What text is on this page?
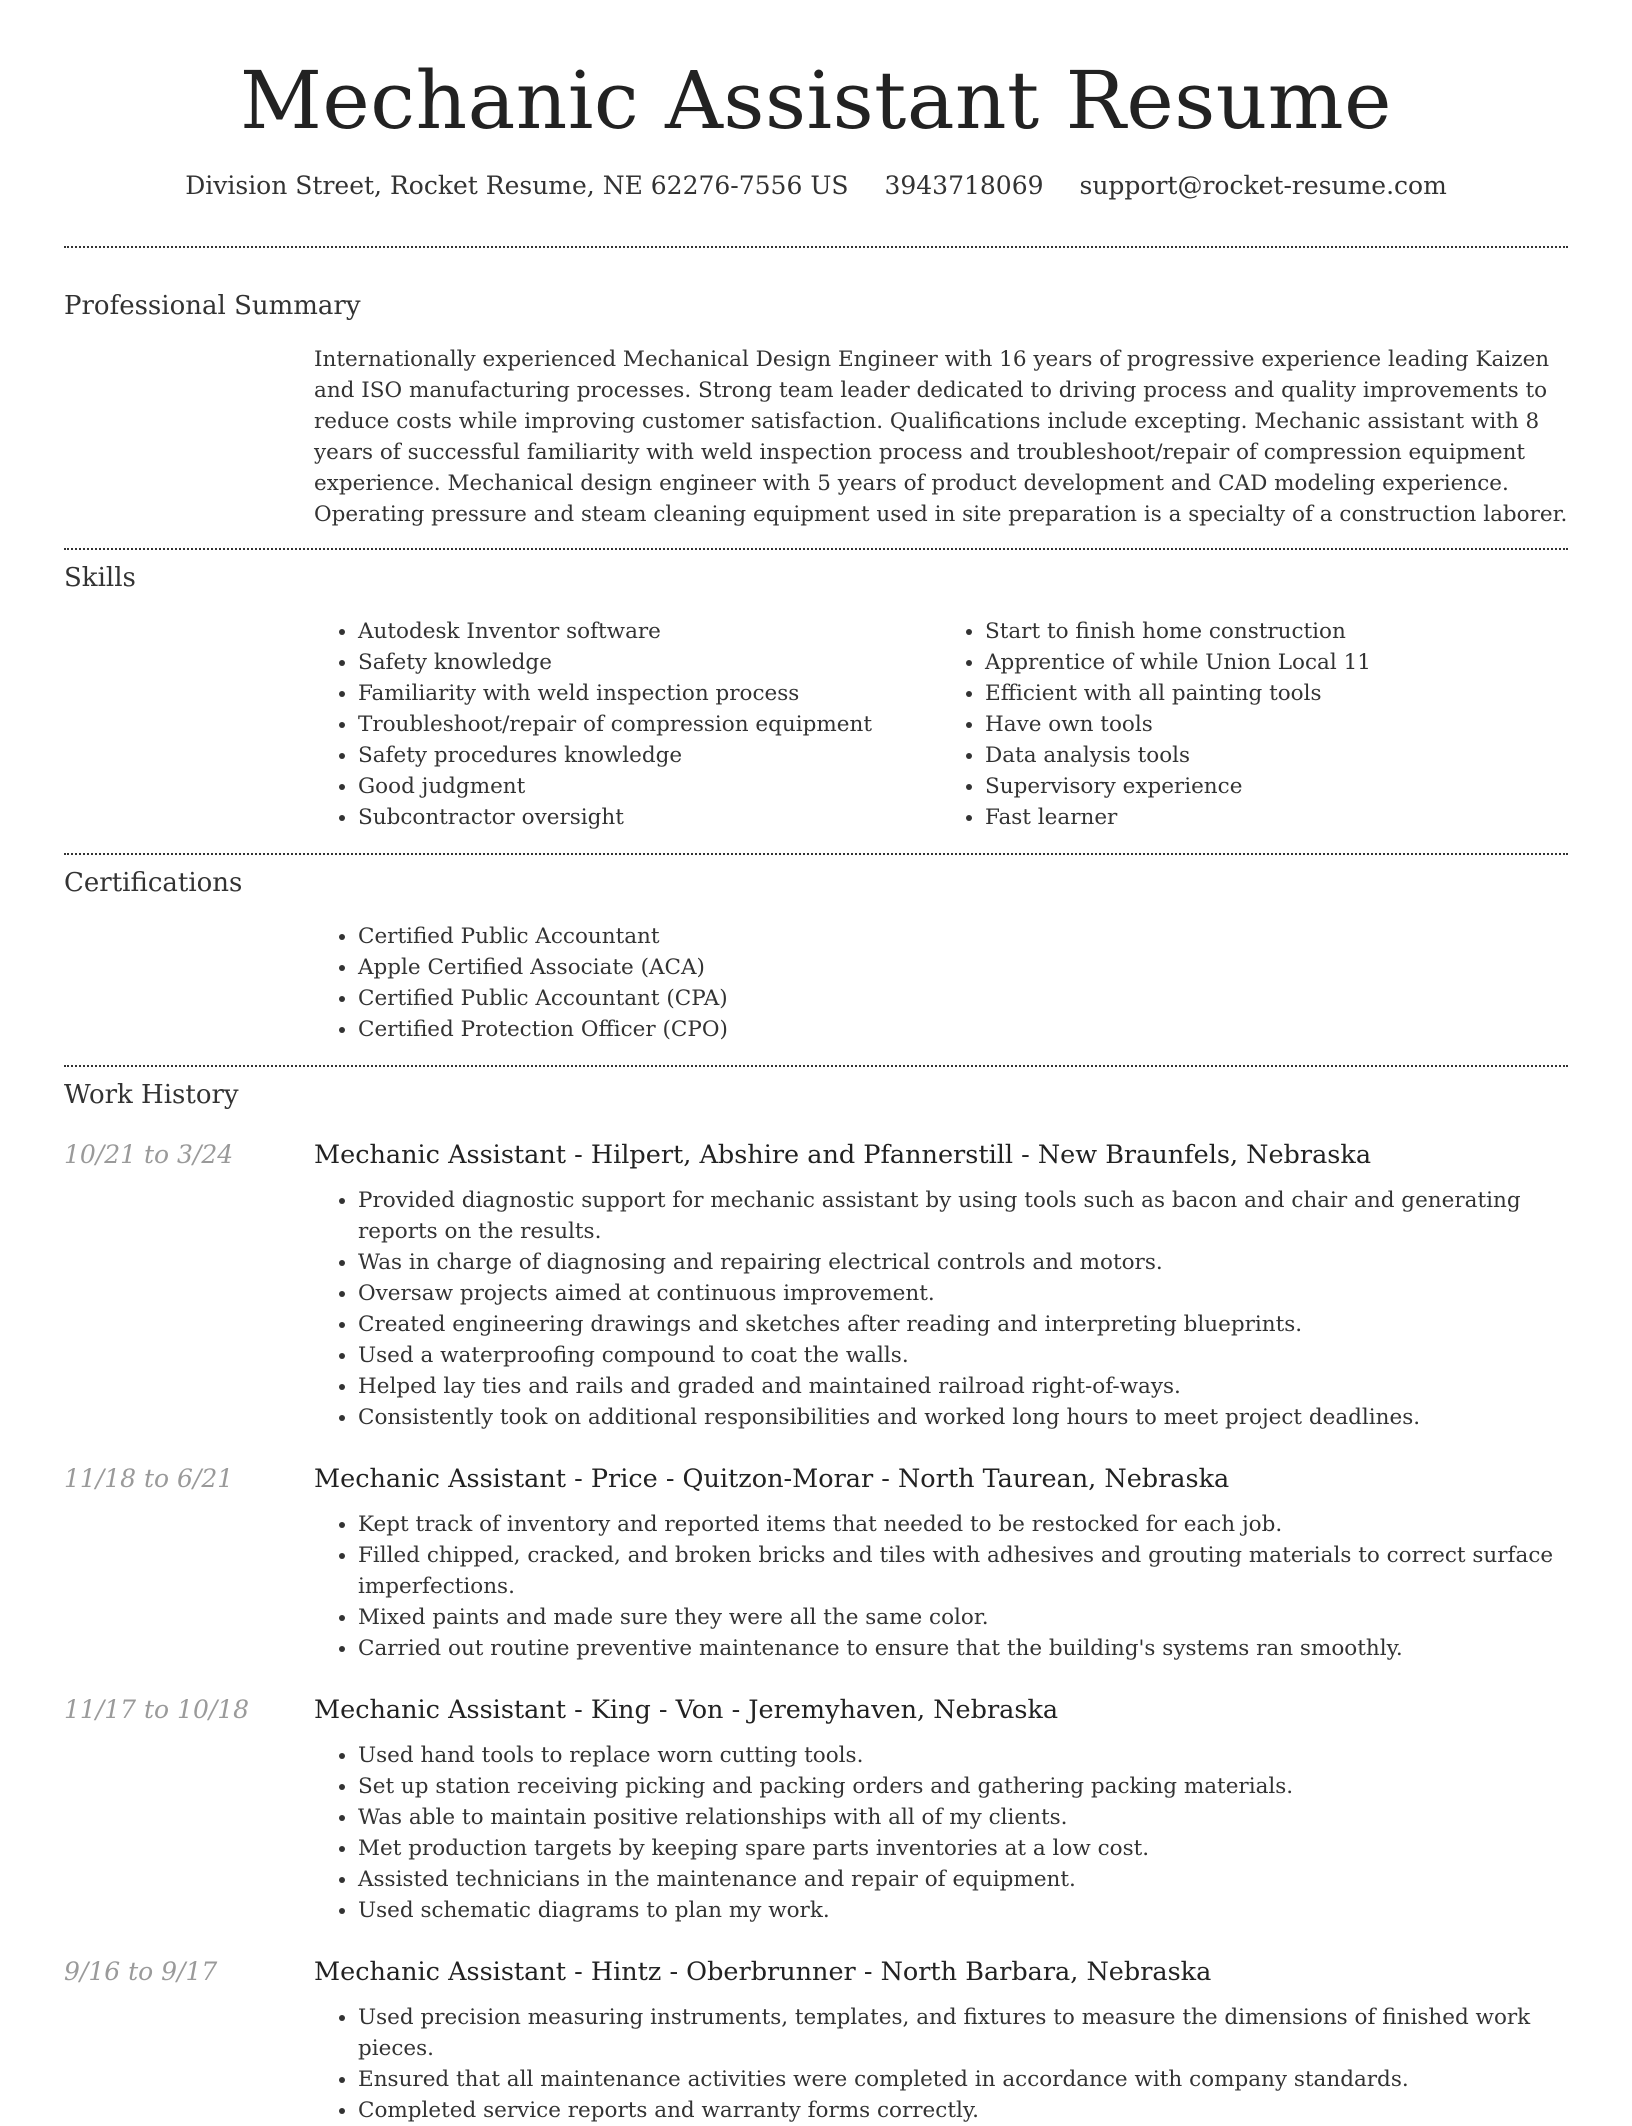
Mechanic Assistant Resume
Division Street, Rocket Resume, NE 62276-7556 US 3943718069 support@rocket-resume.com
Professional Summary
Internationally experienced Mechanical Design Engineer with 16 years of progressive experience leading Kaizen and ISO manufacturing processes. Strong team leader dedicated to driving process and quality improvements to reduce costs while improving customer satisfaction. Qualifications include excepting. Mechanic assistant with 8 years of successful familiarity with weld inspection process and troubleshoot/repair of compression equipment experience. Mechanical design engineer with 5 years of product development and CAD modeling experience. Operating pressure and steam cleaning equipment used in site preparation is a specialty of a construction laborer.
Skills
• Autodesk Inventor software
• Safety knowledge
• Familiarity with weld inspection process
• Troubleshoot/repair of compression equipment
• Safety procedures knowledge
• Good judgment
• Subcontractor oversight
• Start to finish home construction
• Apprentice of while Union Local 11
• Efficient with all painting tools
• Have own tools
• Data analysis tools
• Supervisory experience
• Fast learner
Certifications
• Certified Public Accountant
• Apple Certified Associate (ACA)
• Certified Public Accountant (CPA)
• Certified Protection Officer (CPO)
Work History
10/21 to 3/24	Mechanic Assistant - Hilpert, Abshire and Pfannerstill - New Braunfels, Nebraska
• Provided diagnostic support for mechanic assistant by using tools such as bacon and chair and generating reports on the results.
• Was in charge of diagnosing and repairing electrical controls and motors.
• Oversaw projects aimed at continuous improvement.
• Created engineering drawings and sketches after reading and interpreting blueprints.
• Used a waterproofing compound to coat the walls.
• Helped lay ties and rails and graded and maintained railroad right-of-ways.
• Consistently took on additional responsibilities and worked long hours to meet project deadlines.
11/18 to 6/21	Mechanic Assistant - Price - Quitzon-Morar - North Taurean, Nebraska
• Kept track of inventory and reported items that needed to be restocked for each job.
• Filled chipped, cracked, and broken bricks and tiles with adhesives and grouting materials to correct surface imperfections.
• Mixed paints and made sure they were all the same color.
• Carried out routine preventive maintenance to ensure that the building's systems ran smoothly.
11/17 to 10/18	Mechanic Assistant - King - Von - Jeremyhaven, Nebraska
• Used hand tools to replace worn cutting tools.
• Set up station receiving picking and packing orders and gathering packing materials.
• Was able to maintain positive relationships with all of my clients.
• Met production targets by keeping spare parts inventories at a low cost.
• Assisted technicians in the maintenance and repair of equipment.
• Used schematic diagrams to plan my work.
9/16 to 9/17	Mechanic Assistant - Hintz - Oberbrunner - North Barbara, Nebraska
• Used precision measuring instruments, templates, and fixtures to measure the dimensions of finished work pieces.
• Ensured that all maintenance activities were completed in accordance with company standards.
• Completed service reports and warranty forms correctly.
